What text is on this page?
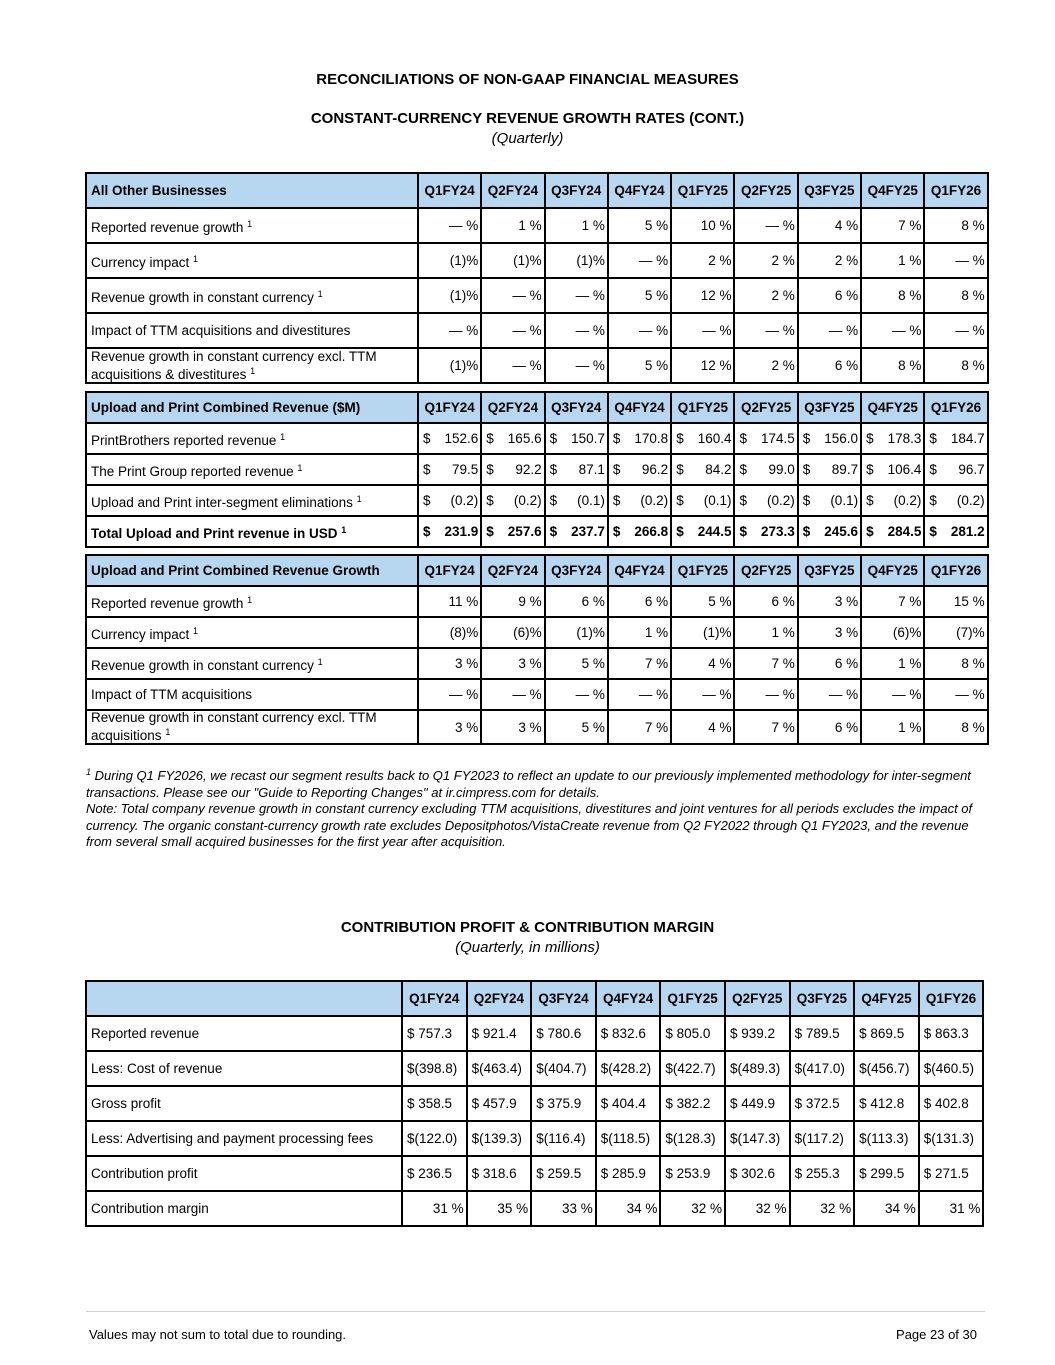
RECONCILIATIONS OF NON-GAAP FINANCIAL MEASURES
CONSTANT-CURRENCY REVENUE GROWTH RATES (CONT.)
(Quarterly)
All Other Businesses	Q1FY24	Q2FY24	Q3FY24	Q4FY24	Q1FY25	Q2FY25	Q3FY25	Q4FY25	Q1FY26
Reported revenue growth $^1$	— %	1 %	1 %	5 %	10 %	— %	4 %	7 %	8 %
Currency impact $^1$	(1)%	(1)%	(1)%	— %	2 %	2 %	2 %	1 %	— %
Revenue growth in constant currency $^1$	(1)%	— %	— %	5 %	12 %	2 %	6 %	8 %	8 %
Impact of TTM acquisitions and divestitures	— %	— %	— %	— %	— %	— %	— %	— %	— %
Revenue growth in constant currency excl. TTM acquisitions & divestitures $^1$	(1)%	— %	— %	5 %	12 %	2 %	6 %	8 %	8 %
Upload and Print Combined Revenue ($M)	Q1FY24	Q2FY24	Q3FY24	Q4FY24	Q1FY25	Q2FY25	Q3FY25	Q4FY25	Q1FY26
PrintBrothers reported revenue $^1$	$ 152.6	$ 165.6	$ 150.7	$ 170.8	$ 160.4	$ 174.5	$ 156.0	$ 178.3	$ 184.7

The Print Group reported revenue $^1$	$ 79.5	$ 92.2	$ 87.1	$ 96.2	$ 84.2	$ 99.0	$ 89.7	$ 106.4	$ 96.7

Upload and Print inter-segment eliminations $^1$	$ (0.2)	$ (0.2)	$ (0.1)	$ (0.2)	$ (0.1)	$ (0.2)	$ (0.1)	$ (0.2)	$ (0.2)

Total Upload and Print revenue in USD $^1$	$ 231.9	$ 257.6	$ 237.7	$ 266.8	$ 244.5	$ 273.3	$ 245.6	$ 284.5	$ 281.2
Upload and Print Combined Revenue Growth	Q1FY24	Q2FY24	Q3FY24	Q4FY24	Q1FY25	Q2FY25	Q3FY25	Q4FY25	Q1FY26
Reported revenue growth $^1$	11 %	9 %	6 %	6 %	5 %	6 %	3 %	7 %	15 %
Currency impact $^1$	(8)%	(6)%	(1)%	1 %	(1)%	1 %	3 %	(6)%	(7)%
Revenue growth in constant currency $^1$	3 %	3 %	5 %	7 %	4 %	7 %	6 %	1 %	8 %
Impact of TTM acquisitions	— %	— %	— %	— %	— %	— %	— %	— %	— %
Revenue growth in constant currency excl. TTM acquisitions $^1$	3 %	3 %	5 %	7 %	4 %	7 %	6 %	1 %	8 %

$^1$ During Q1 FY2026, we recast our segment results back to Q1 FY2023 to reflect an update to our previously implemented methodology for inter-segment transactions. Please see our "Guide to Reporting Changes" at ir.cimpress.com for details.

Note: Total company revenue growth in constant currency excluding TTM acquisitions, divestitures and joint ventures for all periods excludes the impact of currency. The organic constant-currency growth rate excludes Depositphotos/VistaCreate revenue from Q2 FY2022 through Q1 FY2023, and the revenue from several small acquired businesses for the first year after acquisition.

CONTRIBUTION PROFIT & CONTRIBUTION MARGIN
(Quarterly, in millions)
	Q1FY24	Q2FY24	Q3FY24	Q4FY24	Q1FY25	Q2FY25	Q3FY25	Q4FY25	Q1FY26
Reported revenue	$ 757.3	$ 921.4	$ 780.6	$ 832.6	$ 805.0	$ 939.2	$ 789.5	$ 869.5	$ 863.3
Less: Cost of revenue	$(398.8)	$(463.4)	$(404.7)	$(428.2)	$(422.7)	$(489.3)	$(417.0)	$(456.7)	$(460.5)
Gross profit	$ 358.5	$ 457.9	$ 375.9	$ 404.4	$ 382.2	$ 449.9	$ 372.5	$ 412.8	$ 402.8
Less: Advertising and payment processing fees	$(122.0)	$(139.3)	$(116.4)	$(118.5)	$(128.3)	$(147.3)	$(117.2)	$(113.3)	$(131.3)
Contribution profit	$ 236.5	$ 318.6	$ 259.5	$ 285.9	$ 253.9	$ 302.6	$ 255.3	$ 299.5	$ 271.5
Contribution margin	31 %	35 %	33 %	34 %	32 %	32 %	32 %	34 %	31 %
Values may not sum to total due to rounding.	Page 23 of 30
